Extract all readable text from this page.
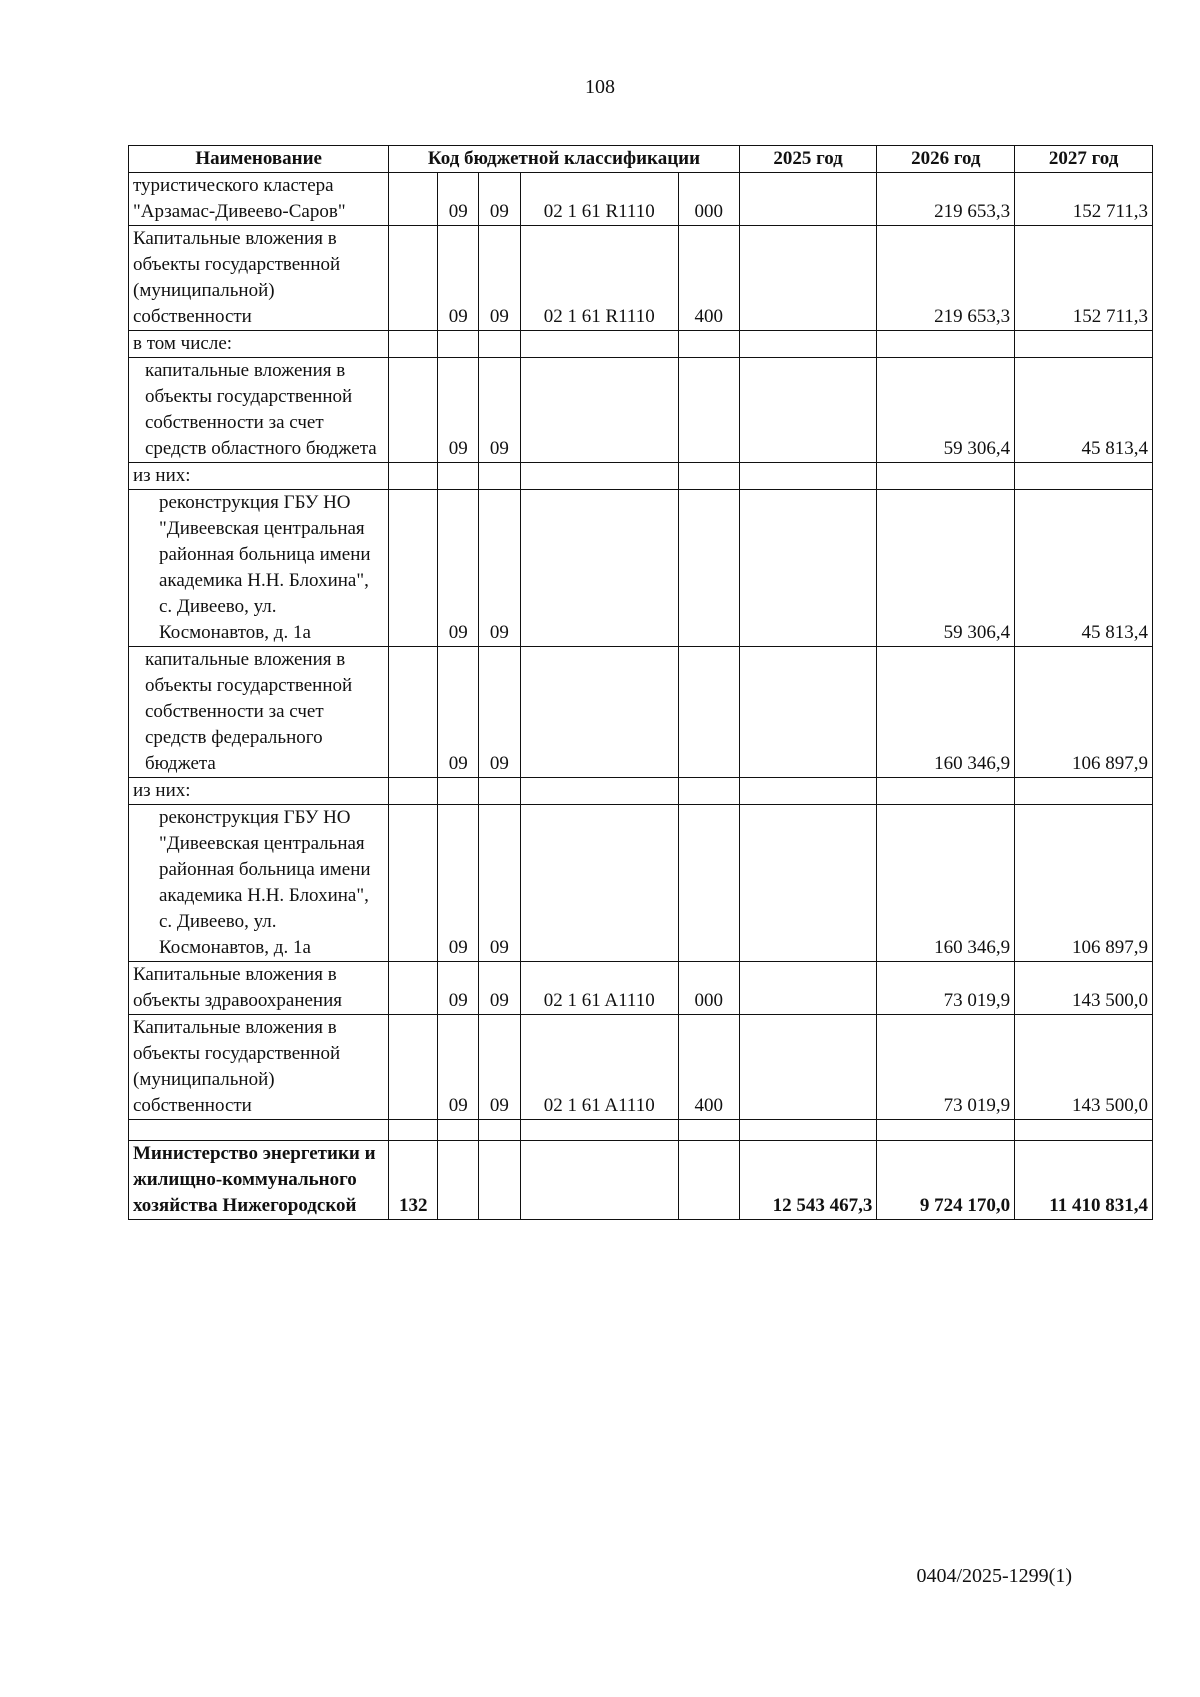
108
Наименование	Код бюджетной классификации					2025 год	2026 год	2027 год
туристического кластера "Арзамас-Дивеево-Саров"		09	09	02 1 61 R1110	000		219 653,3	152 711,3
Капитальные вложения в объекты государственной (муниципальной) собственности		09	09	02 1 61 R1110	400		219 653,3	152 711,3
в том числе:								
капитальные вложения в объекты государственной собственности за счет средств областного бюджета		09	09				59 306,4	45 813,4
из них:								
реконструкция ГБУ НО "Дивеевская центральная районная больница имени академика Н.Н. Блохина", с. Дивеево, ул. Космонавтов, д. 1а		09	09				59 306,4	45 813,4
капитальные вложения в объекты государственной собственности за счет средств федерального бюджета		09	09				160 346,9	106 897,9
из них:								
реконструкция ГБУ НО "Дивеевская центральная районная больница имени академика Н.Н. Блохина", с. Дивеево, ул. Космонавтов, д. 1а		09	09				160 346,9	106 897,9
Капитальные вложения в объекты здравоохранения		09	09	02 1 61 A1110	000		73 019,9	143 500,0
Капитальные вложения в объекты государственной (муниципальной) собственности		09	09	02 1 61 A1110	400		73 019,9	143 500,0

Министерство энергетики и жилищно-коммунального хозяйства Нижегородской	132					12 543 467,3	9 724 170,0	11 410 831,4
0404/2025-1299(1)
